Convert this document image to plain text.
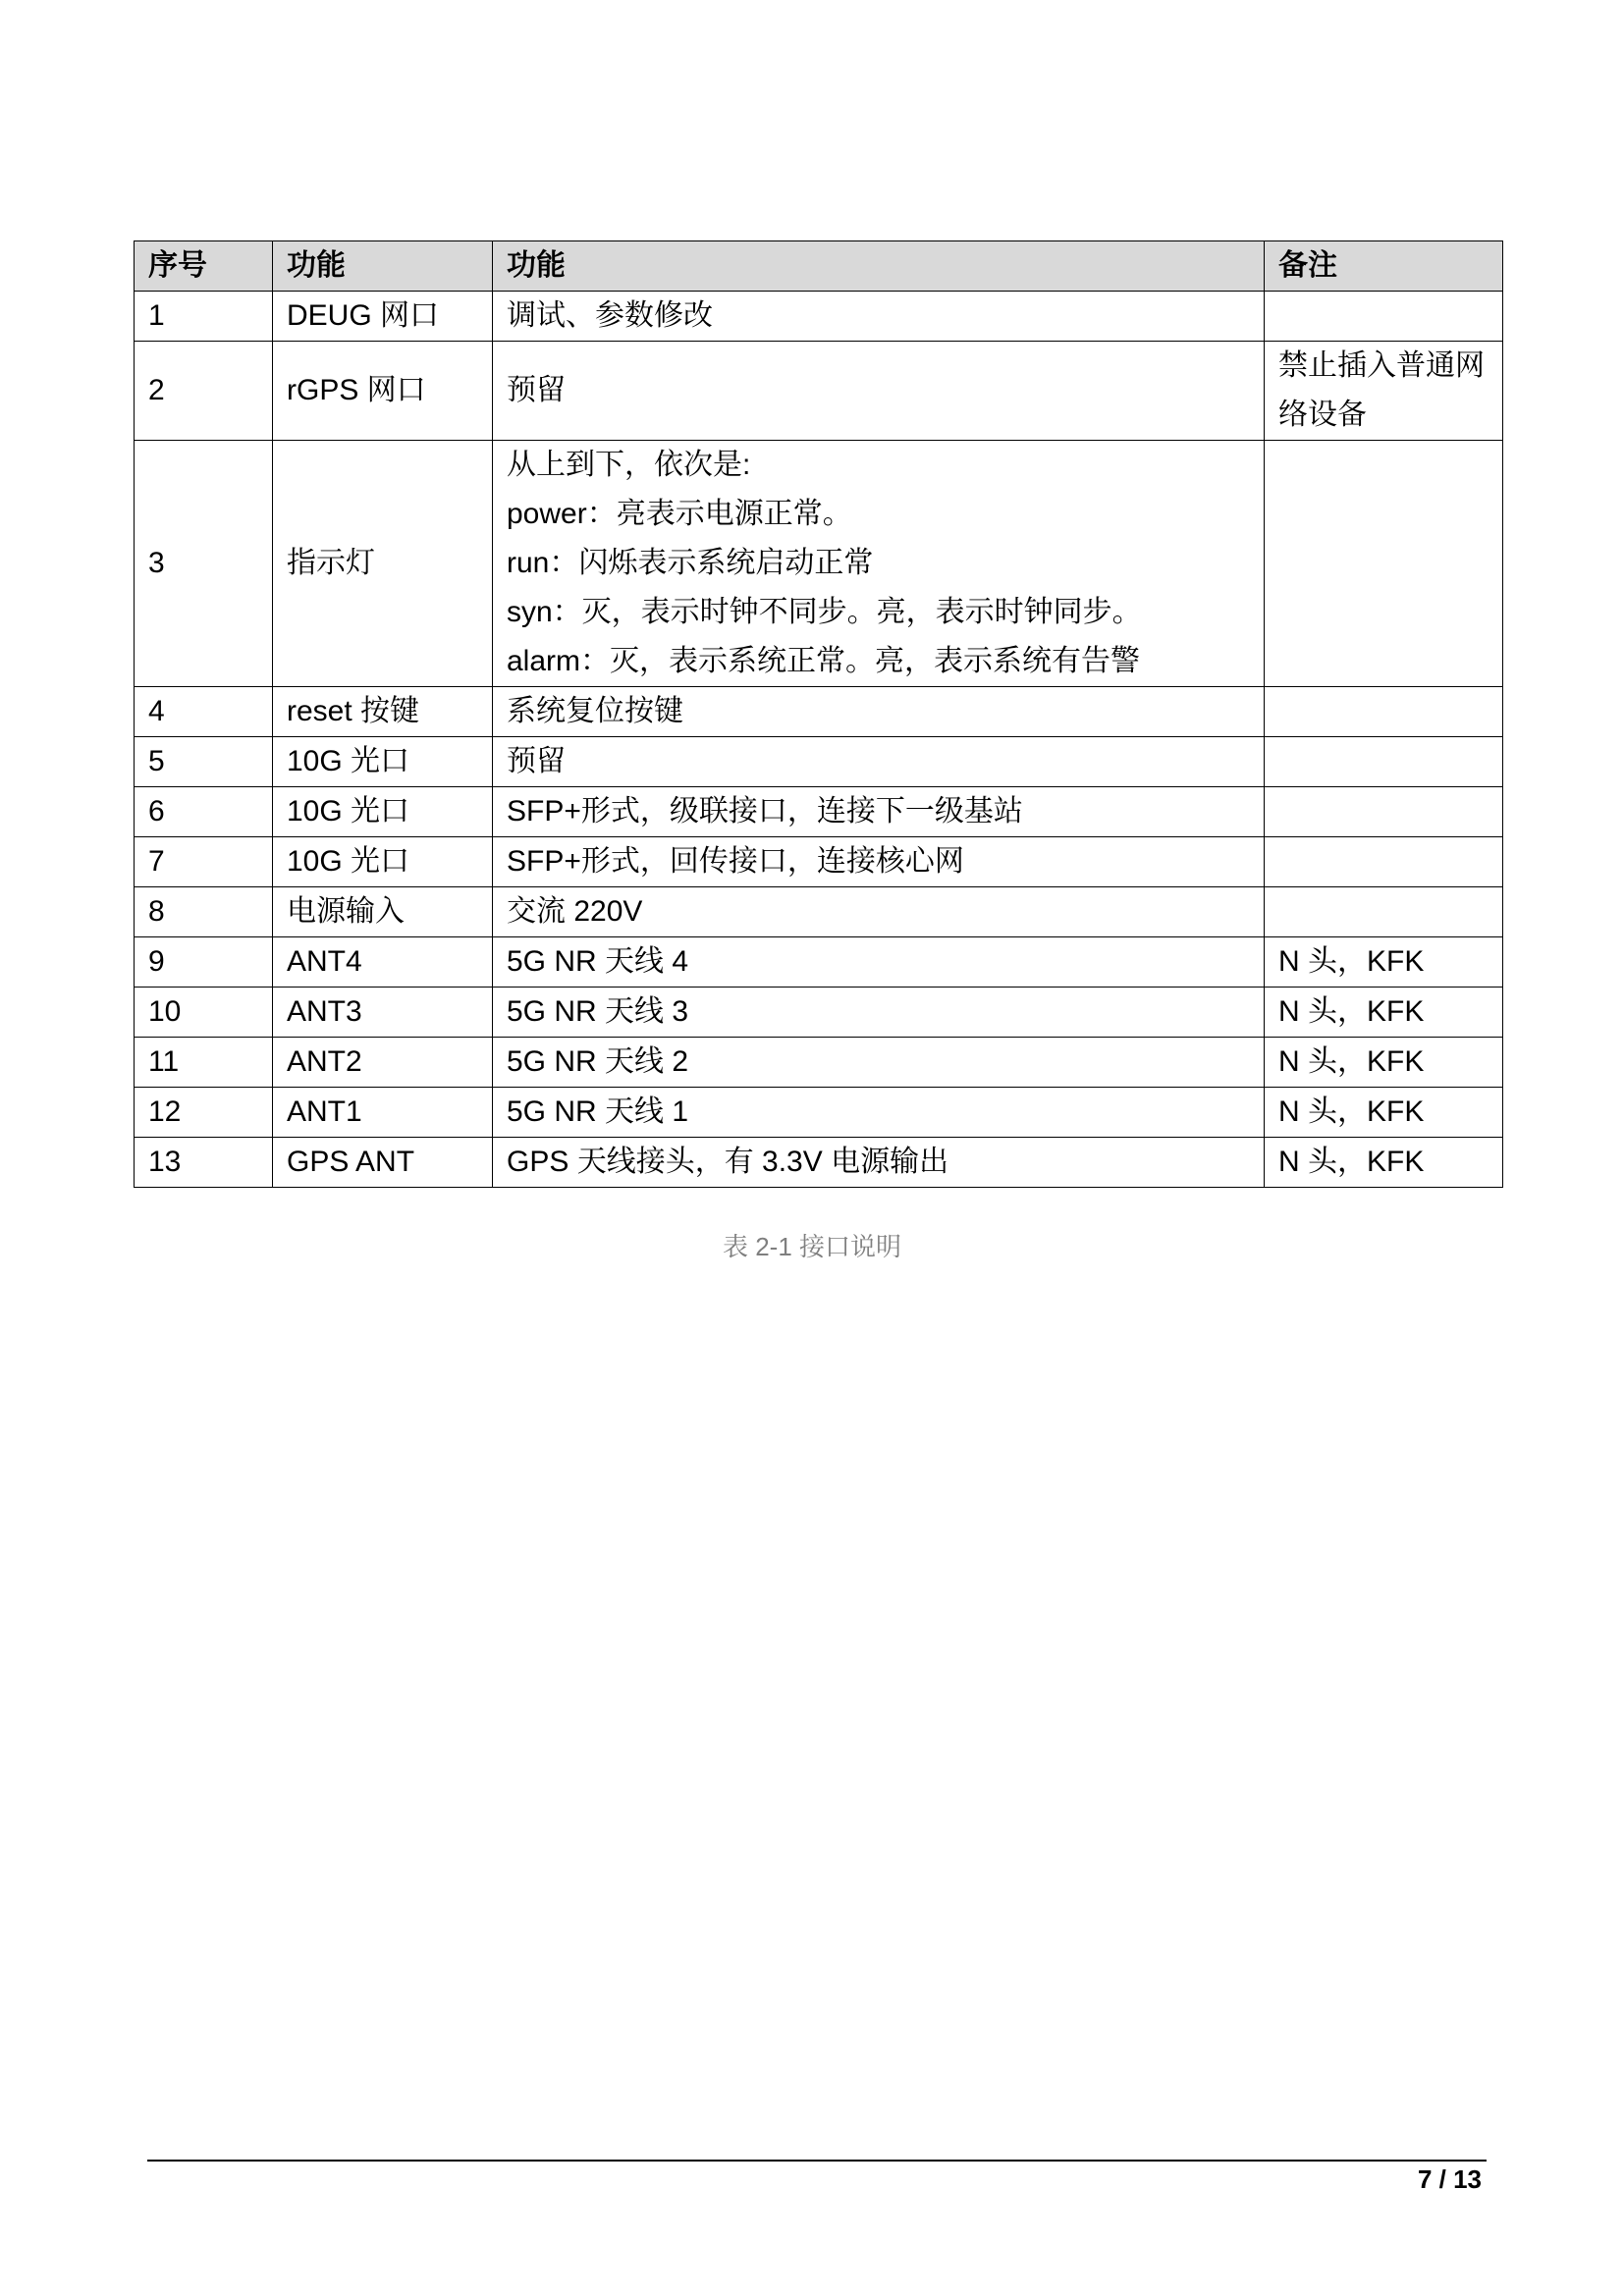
序号	功能	功能	备注
1	DEUG 网口	调试、参数修改	

2	rGPS 网口	预留	禁止插入普通网
络设备

3	指示灯	从上到下，依次是:
power：亮表示电源正常。
run：闪烁表示系统启动正常
syn：灭，表示时钟不同步。亮，表示时钟同步。
alarm：灭，表示系统正常。亮，表示系统有告警	

4	reset 按键	系统复位按键	

5	10G 光口	预留	

6	10G 光口	SFP+形式，级联接口，连接下一级基站	

7	10G 光口	SFP+形式，回传接口，连接核心网	

8	电源输入	交流 220V	

9	ANT4	5G NR 天线 4	N 头，KFK

10	ANT3	5G NR 天线 3	N 头，KFK

11	ANT2	5G NR 天线 2	N 头，KFK

12	ANT1	5G NR 天线 1	N 头，KFK

13	GPS ANT	GPS 天线接头，有 3.3V 电源输出	N 头，KFK
表 2-1 接口说明
7 / 13
